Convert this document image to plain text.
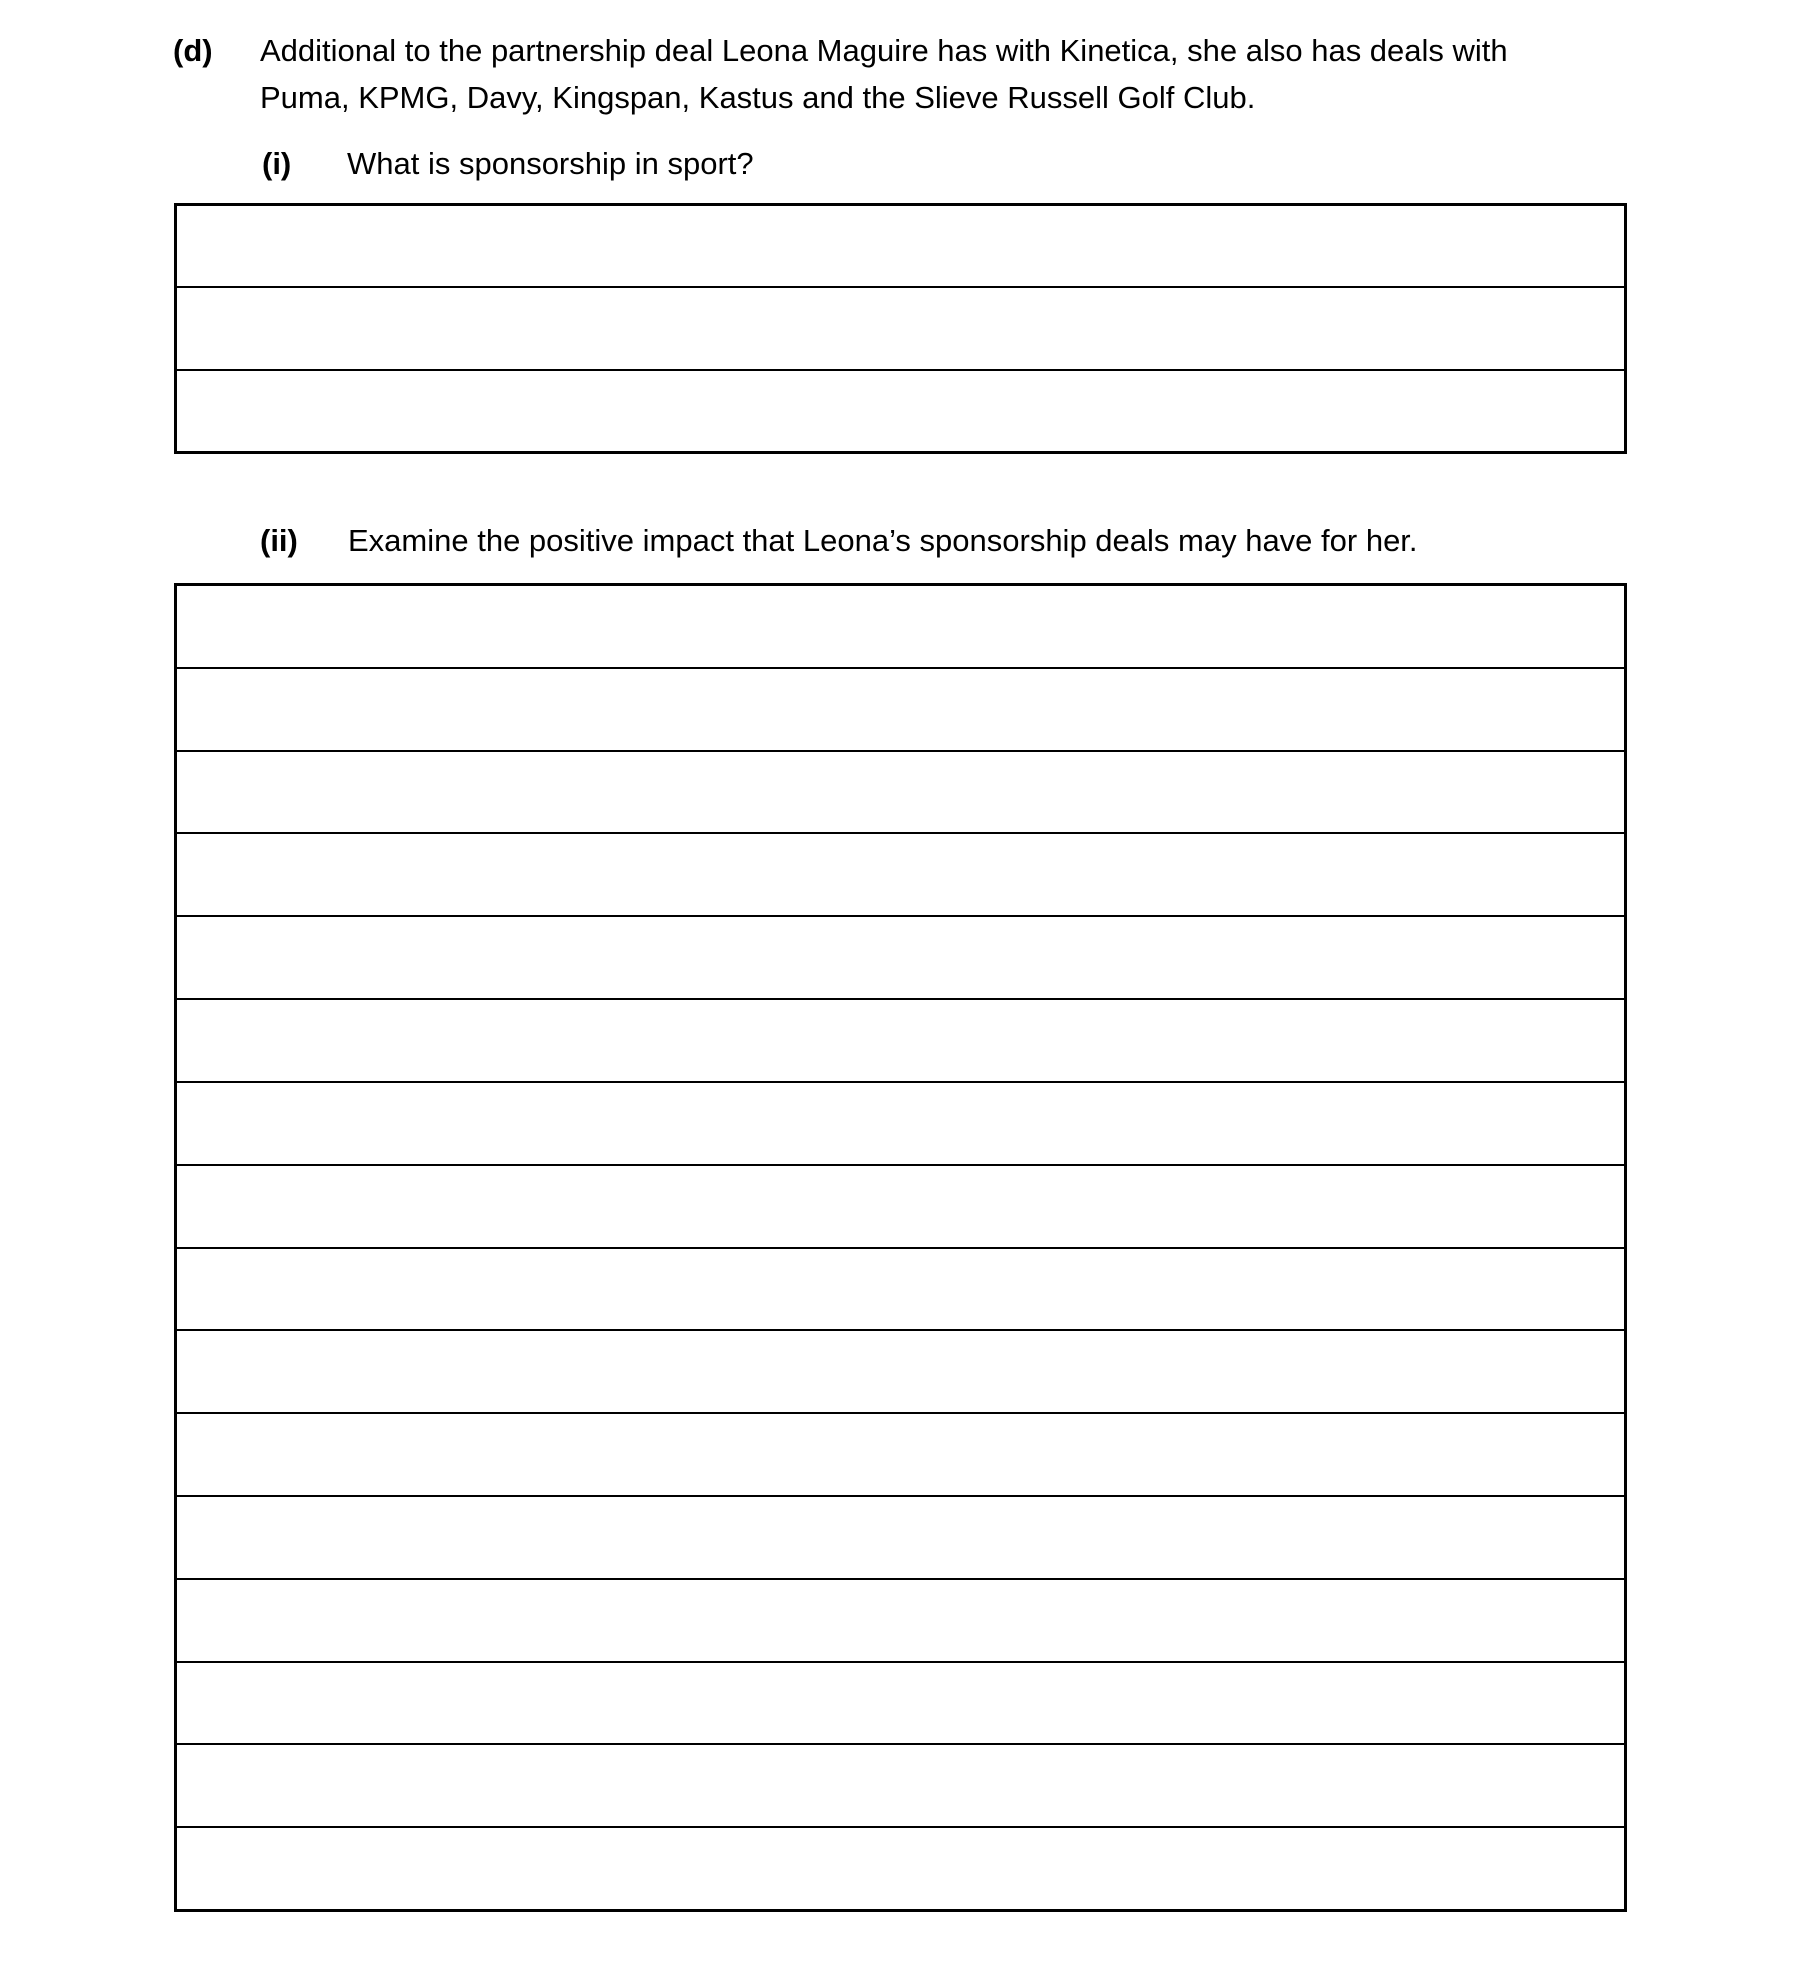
(d)	Additional to the partnership deal Leona Maguire has with Kinetica, she also has deals with
Puma, KPMG, Davy, Kingspan, Kastus and the Slieve Russell Golf Club.
(i)	What is sponsorship in sport?
(ii)	Examine the positive impact that Leona’s sponsorship deals may have for her.
